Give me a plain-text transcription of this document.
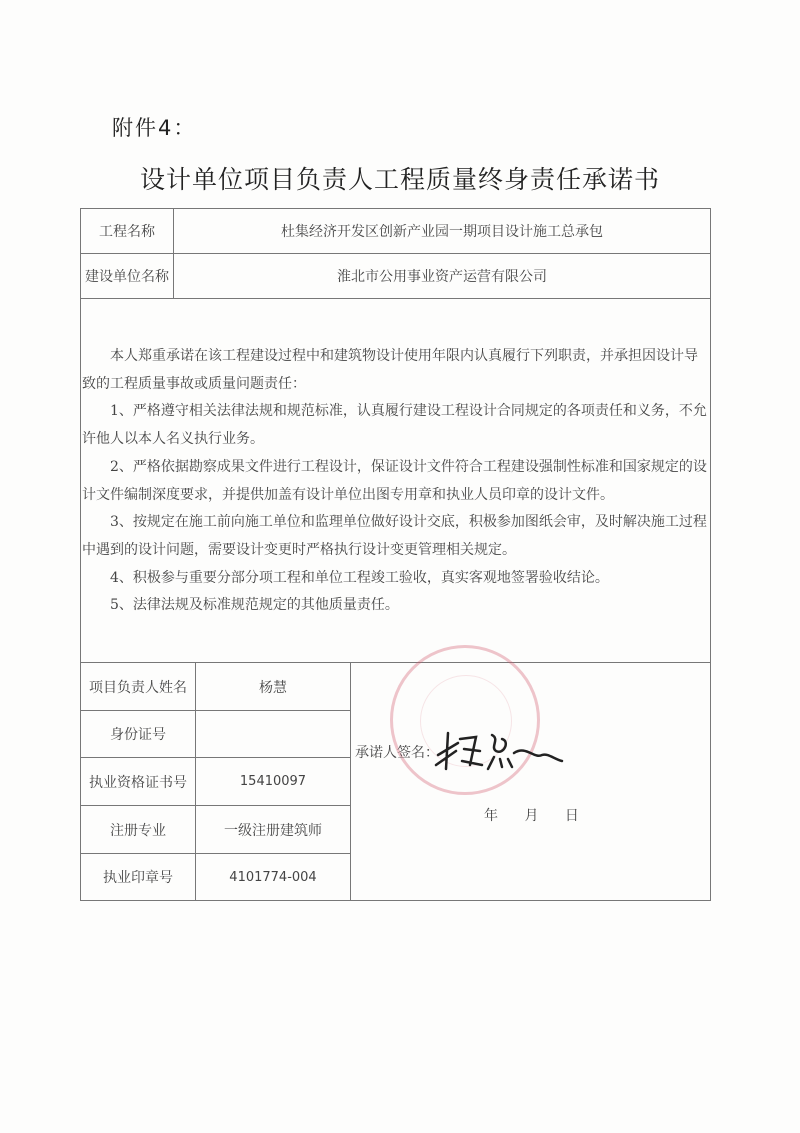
附件4：
设计单位项目负责人工程质量终身责任承诺书
工程名称	杜集经济开发区创新产业园一期项目设计施工总承包
建设单位名称	淮北市公用事业资产运营有限公司

本人郑重承诺在该工程建设过程中和建筑物设计使用年限内认真履行下列职责，并承担因设计导致的工程质量事故或质量问题责任：

1、严格遵守相关法律法规和规范标准，认真履行建设工程设计合同规定的各项责任和义务，不允许他人以本人名义执行业务。

2、严格依据勘察成果文件进行工程设计，保证设计文件符合工程建设强制性标准和国家规定的设计文件编制深度要求，并提供加盖有设计单位出图专用章和执业人员印章的设计文件。

3、按规定在施工前向施工单位和监理单位做好设计交底，积极参加图纸会审，及时解决施工过程中遇到的设计问题，需要设计变更时严格执行设计变更管理相关规定。

4、积极参与重要分部分项工程和单位工程竣工验收，真实客观地签署验收结论。

5、法律法规及标准规范规定的其他质量责任。

项目负责人姓名	杨慧
身份证号
执业资格证书号	15410097
注册专业	一级注册建筑师
执业印章号	4101774-004
承诺人签名：
年 月 日
